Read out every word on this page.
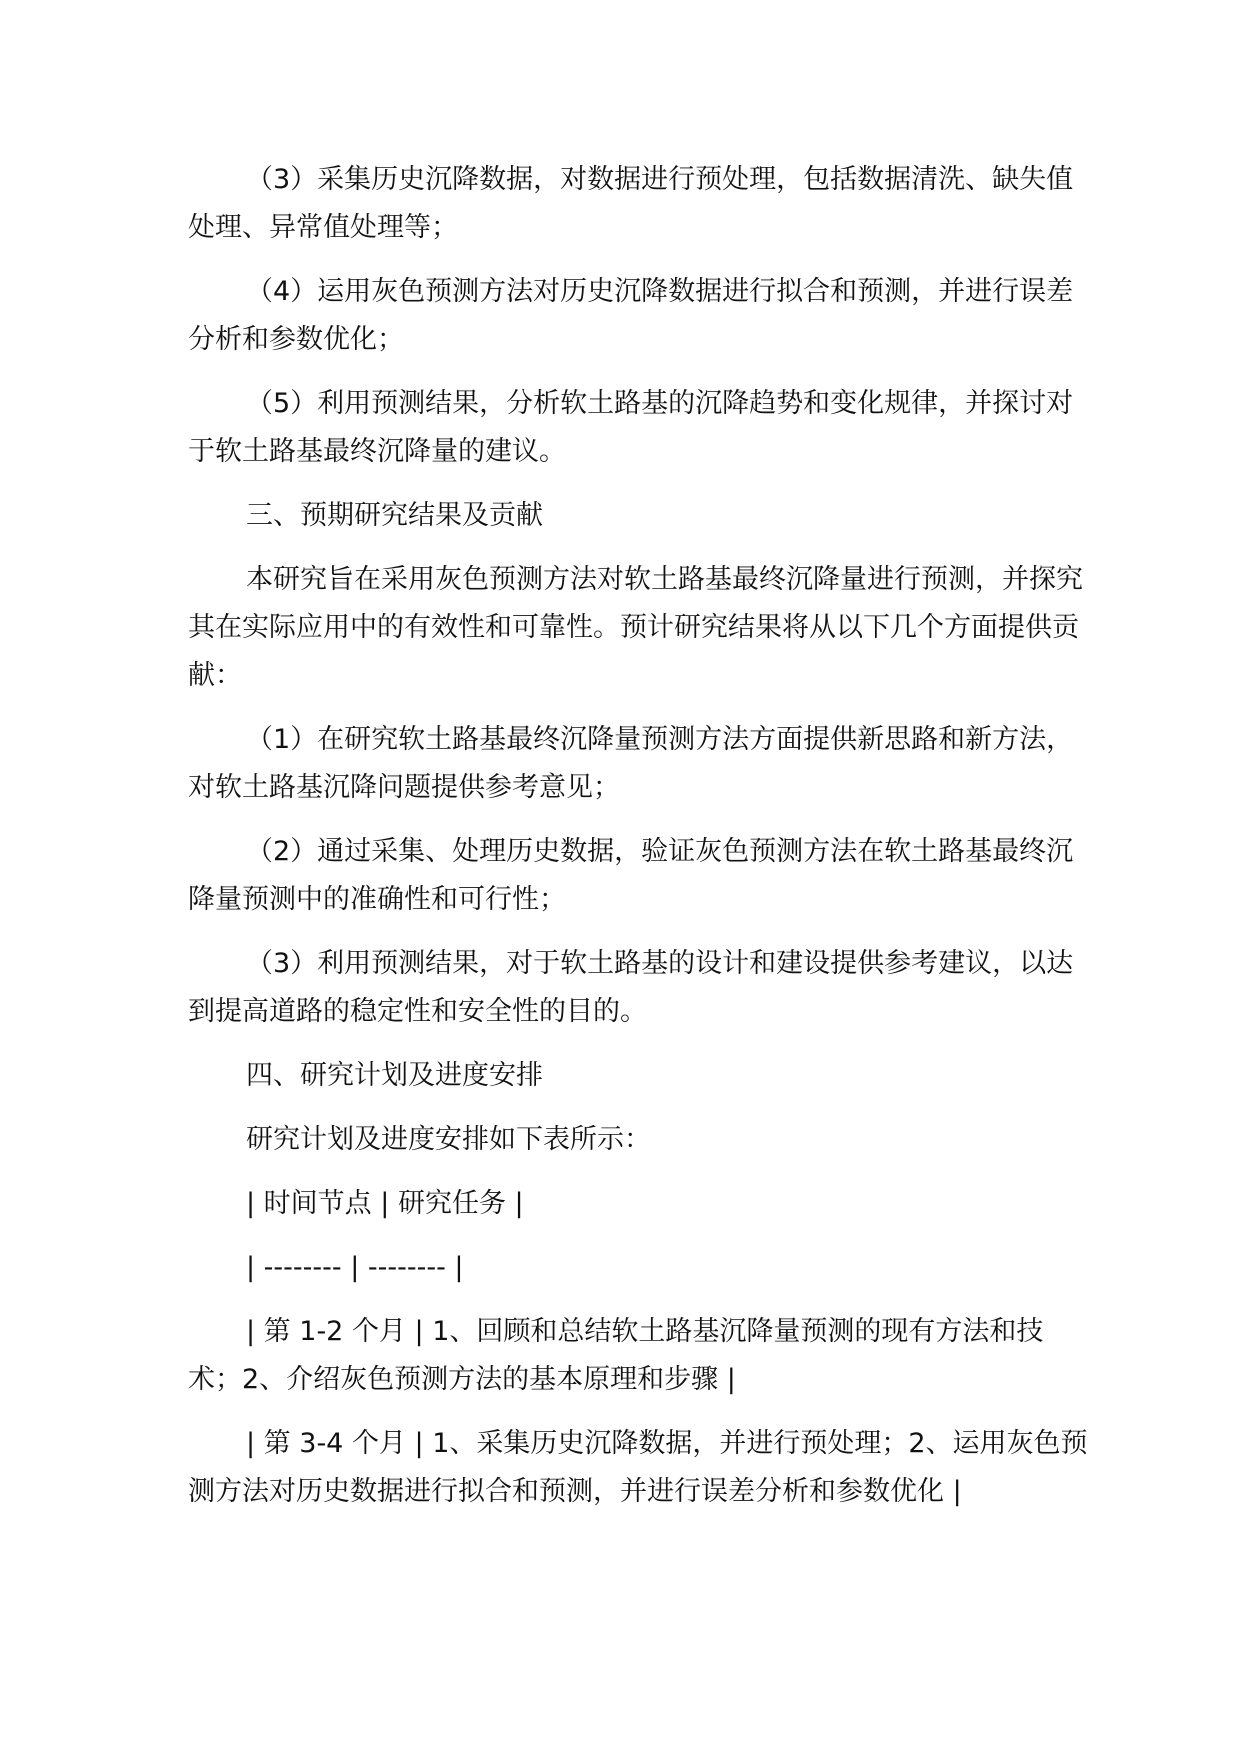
（3）采集历史沉降数据，对数据进行预处理，包括数据清洗、缺失值处理、异常值处理等；

（4）运用灰色预测方法对历史沉降数据进行拟合和预测，并进行误差分析和参数优化；

（5）利用预测结果，分析软土路基的沉降趋势和变化规律，并探讨对于软土路基最终沉降量的建议。

三、预期研究结果及贡献

本研究旨在采用灰色预测方法对软土路基最终沉降量进行预测，并探究其在实际应用中的有效性和可靠性。预计研究结果将从以下几个方面提供贡献：

（1）在研究软土路基最终沉降量预测方法方面提供新思路和新方法，对软土路基沉降问题提供参考意见；

（2）通过采集、处理历史数据，验证灰色预测方法在软土路基最终沉降量预测中的准确性和可行性；

（3）利用预测结果，对于软土路基的设计和建设提供参考建议，以达到提高道路的稳定性和安全性的目的。

四、研究计划及进度安排

研究计划及进度安排如下表所示：

| 时间节点 | 研究任务 |

| -------- | -------- |

| 第 1-2 个月 | 1、回顾和总结软土路基沉降量预测的现有方法和技术；2、介绍灰色预测方法的基本原理和步骤 |

| 第 3-4 个月 | 1、采集历史沉降数据，并进行预处理；2、运用灰色预测方法对历史数据进行拟合和预测，并进行误差分析和参数优化 |
